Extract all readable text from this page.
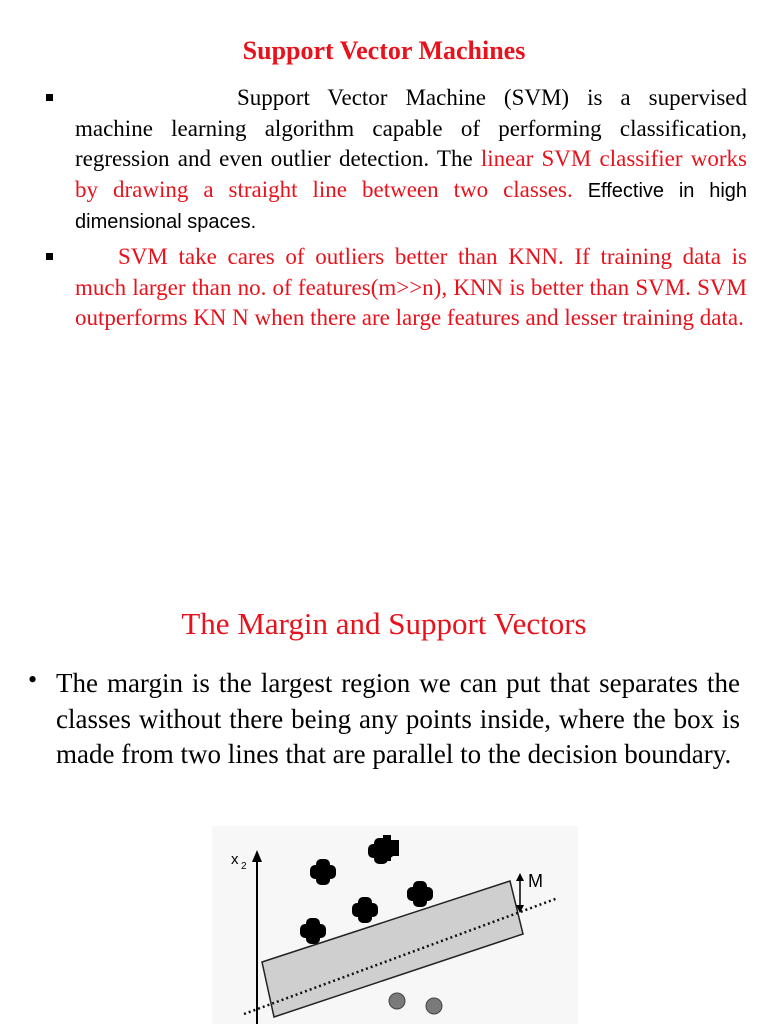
Support Vector Machines
Support Vector Machine (SVM) is a supervised machine learning algorithm capable of performing classification, regression and even outlier detection. The linear SVM classifier works by drawing a straight line between two classes. Effective in high dimensional spaces.
SVM take cares of outliers better than KNN. If training data is much larger than no. of features(m>>n), KNN is better than SVM. SVM outperforms KN N when there are large features and lesser training data.
The Margin and Support Vectors
• The margin is the largest region we can put that separates the classes without there being any points inside, where the box is made from two lines that are parallel to the decision boundary.
x 2
M
